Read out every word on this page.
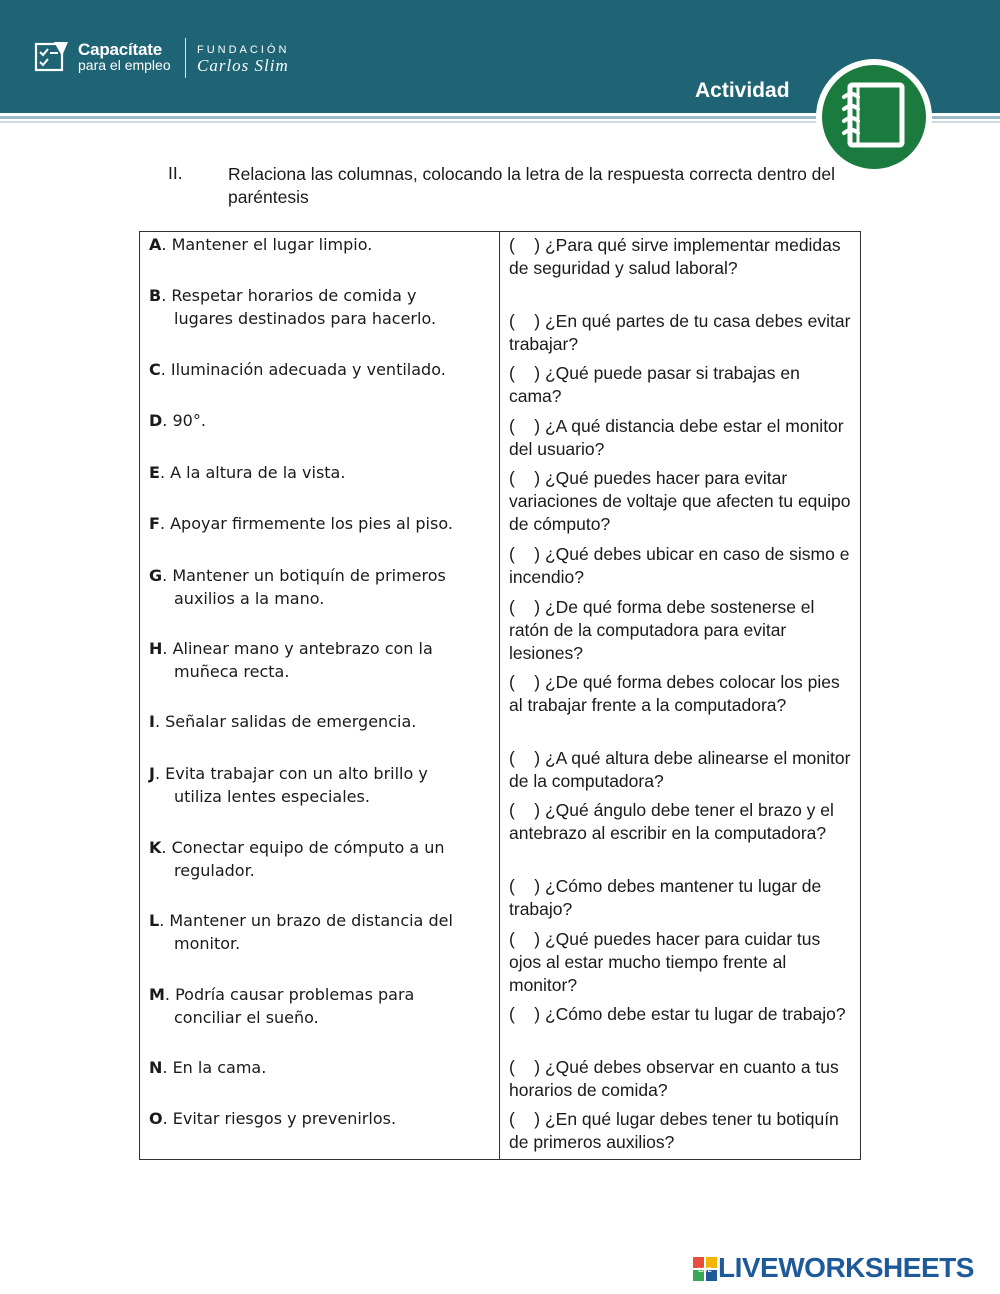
Capacítate
para el empleo
FUNDACIÓN
Carlos Slim
Actividad
II.	Relaciona las columnas, colocando la letra de la respuesta correcta dentro del paréntesis
A. Mantener el lugar limpio.
B. Respetar horarios de comida y
lugares destinados para hacerlo.
C. Iluminación adecuada y ventilado.
D. 90°.
E. A la altura de la vista.
F. Apoyar firmemente los pies al piso.
G. Mantener un botiquín de primeros
auxilios a la mano.
H. Alinear mano y antebrazo con la
muñeca recta.
I. Señalar salidas de emergencia.
J. Evita trabajar con un alto brillo y
utiliza lentes especiales.
K. Conectar equipo de cómputo a un
regulador.
L. Mantener un brazo de distancia del
monitor.
M. Podría causar problemas para
conciliar el sueño.
N. En la cama.
O. Evitar riesgos y prevenirlos.
(    ) ¿Para qué sirve implementar medidas de seguridad y salud laboral?
(    ) ¿En qué partes de tu casa debes evitar trabajar?
(    ) ¿Qué puede pasar si trabajas en cama?
(    ) ¿A qué distancia debe estar el monitor del usuario?
(    ) ¿Qué puedes hacer para evitar variaciones de voltaje que afecten tu equipo de cómputo?
(    ) ¿Qué debes ubicar en caso de sismo e incendio?
(    ) ¿De qué forma debe sostenerse el ratón de la computadora para evitar lesiones?
(    ) ¿De qué forma debes colocar los pies al trabajar frente a la computadora?
(    ) ¿A qué altura debe alinearse el monitor de la computadora?
(    ) ¿Qué ángulo debe tener el brazo y el antebrazo al escribir en la computadora?
(    ) ¿Cómo debes mantener tu lugar de trabajo?
(    ) ¿Qué puedes hacer para cuidar tus ojos al estar mucho tiempo frente al monitor?
(    ) ¿Cómo debe estar tu lugar de trabajo?
(    ) ¿Qué debes observar en cuanto a tus horarios de comida?
(    ) ¿En qué lugar debes tener tu botiquín de primeros auxilios?
LIVE LIVEWORKSHEETS
